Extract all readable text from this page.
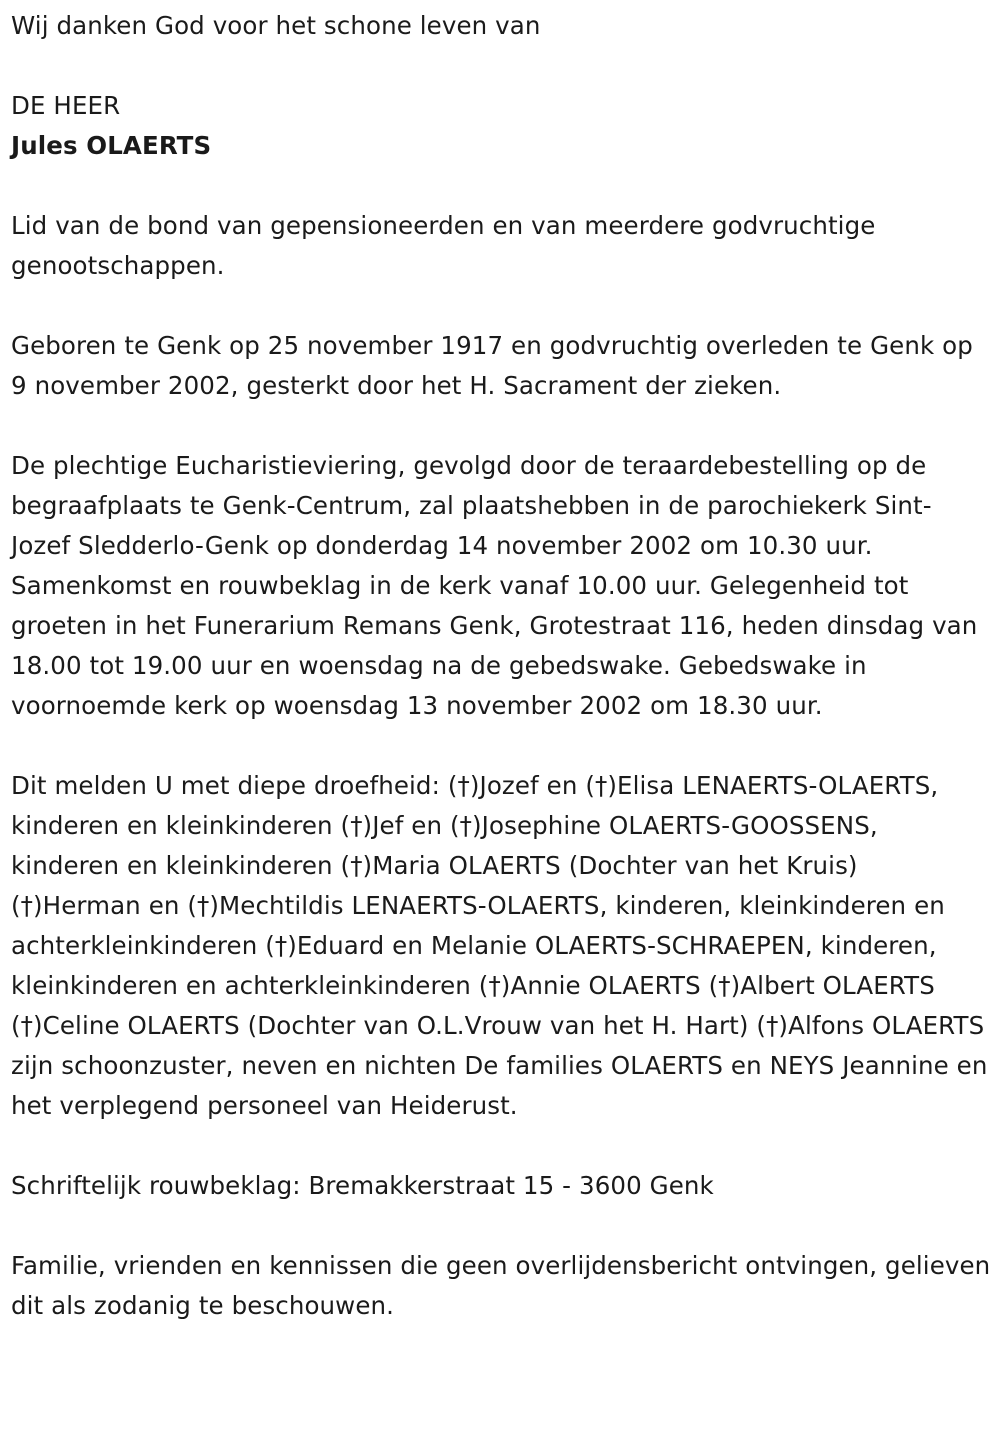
Wij danken God voor het schone leven van

DE HEER

Jules OLAERTS

Lid van de bond van gepensioneerden en van meerdere godvruchtige genootschappen.

Geboren te Genk op 25 november 1917 en godvruchtig overleden te Genk op 9 november 2002, gesterkt door het H. Sacrament der zieken.

De plechtige Eucharistieviering, gevolgd door de teraardebestelling op de begraafplaats te Genk-Centrum, zal plaatshebben in de parochiekerk Sint-Jozef Sledderlo-Genk op donderdag 14 november 2002 om 10.30 uur. Samenkomst en rouwbeklag in de kerk vanaf 10.00 uur. Gelegenheid tot groeten in het Funerarium Remans Genk, Grotestraat 116, heden dinsdag van 18.00 tot 19.00 uur en woensdag na de gebedswake. Gebedswake in voornoemde kerk op woensdag 13 november 2002 om 18.30 uur.

Dit melden U met diepe droefheid: (†)Jozef en (†)Elisa LENAERTS-OLAERTS, kinderen en kleinkinderen (†)Jef en (†)Josephine OLAERTS-GOOSSENS, kinderen en kleinkinderen (†)Maria OLAERTS (Dochter van het Kruis) (†)Herman en (†)Mechtildis LENAERTS-OLAERTS, kinderen, kleinkinderen en achterkleinkinderen (†)Eduard en Melanie OLAERTS-SCHRAEPEN, kinderen, kleinkinderen en achterkleinkinderen (†)Annie OLAERTS (†)Albert OLAERTS (†)Celine OLAERTS (Dochter van O.L.Vrouw van het H. Hart) (†)Alfons OLAERTS zijn schoonzuster, neven en nichten De families OLAERTS en NEYS Jeannine en het verplegend personeel van Heiderust.

Schriftelijk rouwbeklag: Bremakkerstraat 15 - 3600 Genk

Familie, vrienden en kennissen die geen overlijdensbericht ontvingen, gelieven dit als zodanig te beschouwen.
